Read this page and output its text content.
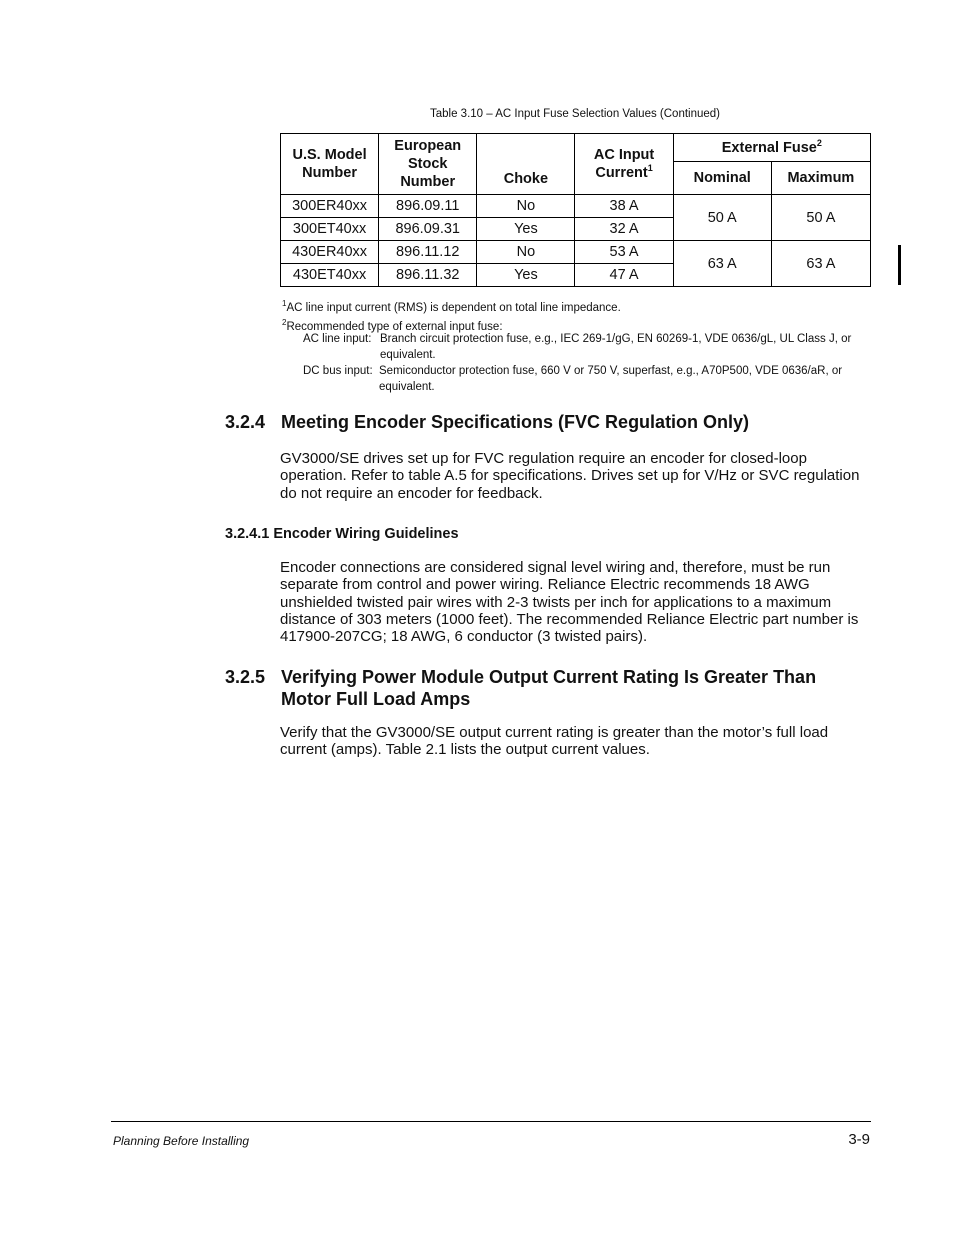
Table 3.10 – AC Input Fuse Selection Values (Continued)
U.S. Model Number	European Stock Number	Choke	AC Input Current$^1$	External Fuse$^2$
				Nominal	Maximum
300ER40xx	896.09.11	No	38 A	50 A	50 A
300ET40xx	896.09.31	Yes	32 A		
430ER40xx	896.11.12	No	53 A	63 A	63 A
430ET40xx	896.11.32	Yes	47 A		
$^1$AC line input current (RMS) is dependent on total line impedance.
$^2$Recommended type of external input fuse:
AC line input: Branch circuit protection fuse, e.g., IEC 269-1/gG, EN 60269-1, VDE 0636/gL, UL Class J, or equivalent.
DC bus input: Semiconductor protection fuse, 660 V or 750 V, superfast, e.g., A70P500, VDE 0636/aR, or equivalent.
3.2.4 Meeting Encoder Specifications (FVC Regulation Only)
GV3000/SE drives set up for FVC regulation require an encoder for closed-loop operation. Refer to table A.5 for specifications. Drives set up for V/Hz or SVC regulation do not require an encoder for feedback.
3.2.4.1 Encoder Wiring Guidelines
Encoder connections are considered signal level wiring and, therefore, must be run separate from control and power wiring. Reliance Electric recommends 18 AWG unshielded twisted pair wires with 2-3 twists per inch for applications to a maximum distance of 303 meters (1000 feet). The recommended Reliance Electric part number is 417900-207CG; 18 AWG, 6 conductor (3 twisted pairs).
3.2.5 Verifying Power Module Output Current Rating Is Greater Than Motor Full Load Amps
Verify that the GV3000/SE output current rating is greater than the motor’s full load current (amps). Table 2.1 lists the output current values.
Planning Before Installing	3-9
